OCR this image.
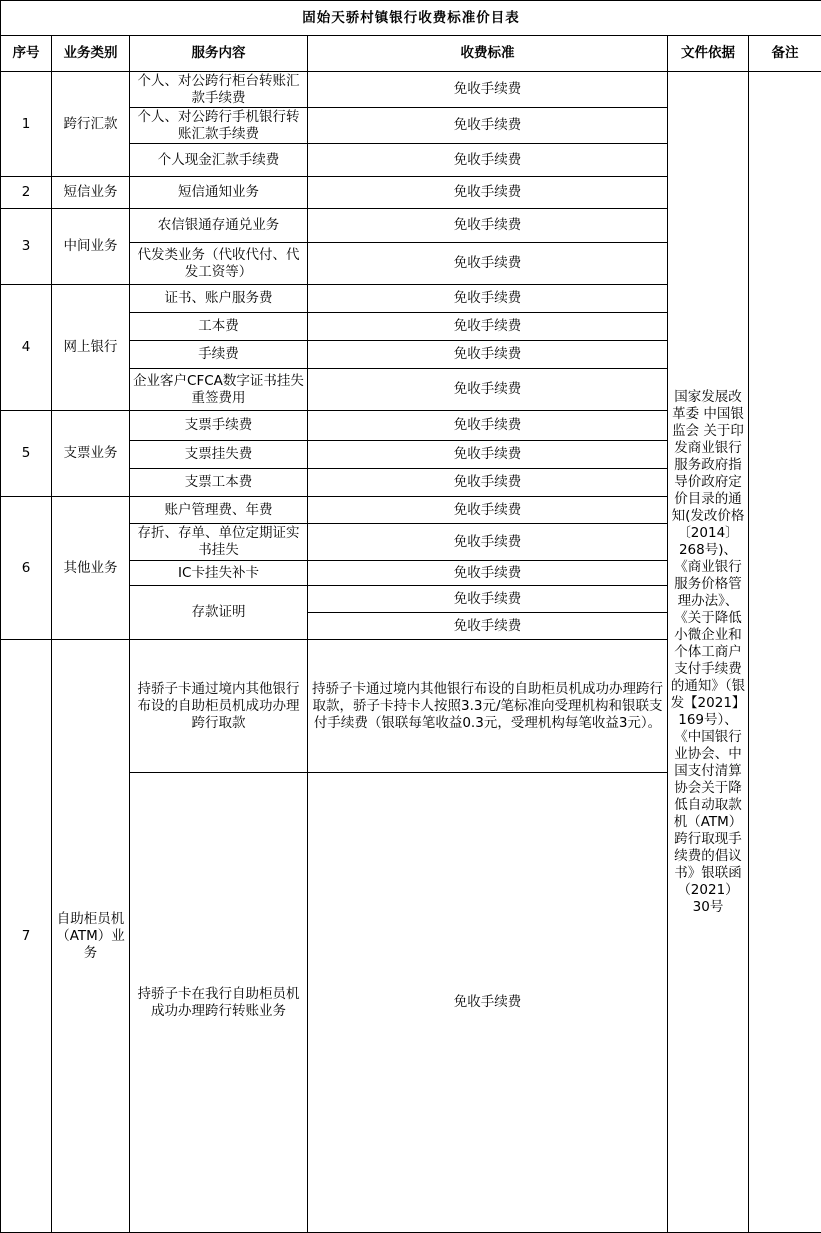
固始天骄村镇银行收费标准价目表						
序号	业务类别	服务内容	收费标准	文件依据	备注	
1	跨行汇款	个人、对公跨行柜台转账汇款手续费	免收手续费	国家发展改革委 中国银监会 关于印发商业银行服务政府指导价政府定价目录的通知(发改价格〔2014〕268号)、《商业银行服务价格管理办法》、《关于降低小微企业和个体工商户支付手续费的通知》（银发【2021】169号）、《中国银行业协会、中国支付清算协会关于降低自动取款机（ATM）跨行取现手续费的倡议书》银联函（2021）30号		
		个人、对公跨行手机银行转账汇款手续费	免收手续费			
		个人现金汇款手续费	免收手续费			
2	短信业务	短信通知业务	免收手续费			
3	中间业务	农信银通存通兑业务	免收手续费			
		代发类业务（代收代付、代发工资等）	免收手续费			
4	网上银行	证书、账户服务费	免收手续费			
		工本费	免收手续费			
		手续费	免收手续费			
		企业客户CFCA数字证书挂失重签费用	免收手续费			
5	支票业务	支票手续费	免收手续费			
		支票挂失费	免收手续费			
		支票工本费	免收手续费			
6	其他业务	账户管理费、年费	免收手续费			
		存折、存单、单位定期证实书挂失	免收手续费			
		IC卡挂失补卡	免收手续费			
		存款证明	免收手续费			
			免收手续费			
7	自助柜员机（ATM）业务	持骄子卡通过境内其他银行布设的自助柜员机成功办理跨行取款	持骄子卡通过境内其他银行布设的自助柜员机成功办理跨行取款，骄子卡持卡人按照3.3元/笔标准向受理机构和银联支付手续费（银联每笔收益0.3元，受理机构每笔收益3元）。			
		持骄子卡在我行自助柜员机成功办理跨行转账业务	免收手续费	
